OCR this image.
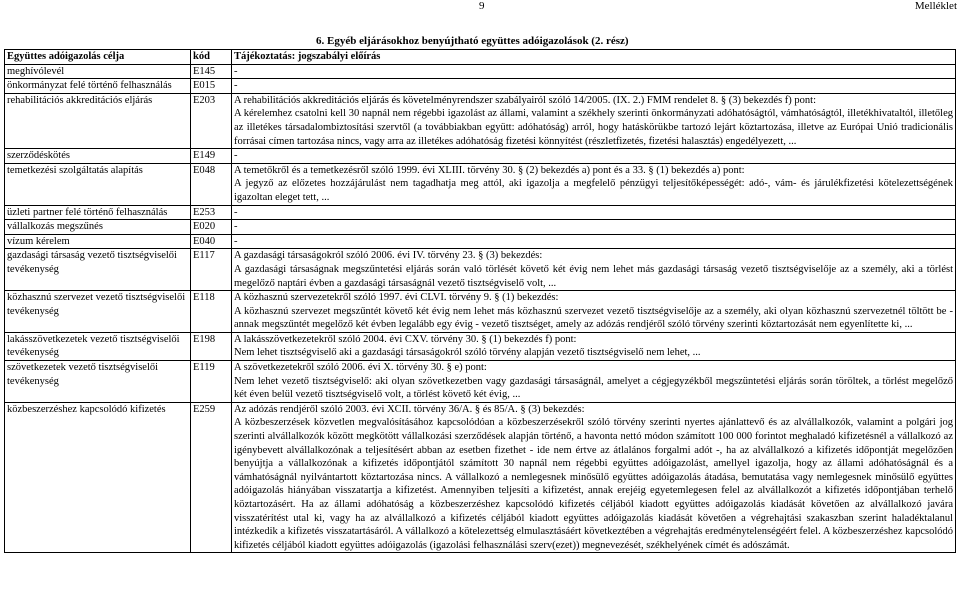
9	Melléklet
6. Egyéb eljárásokhoz benyújtható együttes adóigazolások (2. rész)
Együttes adóigazolás célja	kód	Tájékoztatás: jogszabályi előírás
meghívólevél	E145	-

önkormányzat felé történő felhasználás	E015	-

rehabilitációs akkreditációs eljárás	E203	A rehabilitációs akkreditációs eljárás és követelményrendszer szabályairól szóló 14/2005. (IX. 2.) FMM rendelet 8. § (3) bekezdés f) pont:
A kérelemhez csatolni kell 30 napnál nem régebbi igazolást az állami, valamint a székhely szerinti önkormányzati adóhatóságtól, vámhatóságtól, illetékhivataltól, illetőleg az illetékes társadalombiztosítási szervtől (a továbbiakban együtt: adóhatóság) arról, hogy hatáskörükbe tartozó lejárt köztartozása, illetve az Európai Unió tradicionális forrásai címen tartozása nincs, vagy arra az illetékes adóhatóság fizetési könnyítést (részletfizetés, fizetési halasztás) engedélyezett, ...

szerződéskötés	E149	-

temetkezési szolgáltatás alapítás	E048	A temetőkről és a temetkezésről szóló 1999. évi XLIII. törvény 30. § (2) bekezdés a) pont és a 33. § (1) bekezdés a) pont:
A jegyző az előzetes hozzájárulást nem tagadhatja meg attól, aki igazolja a megfelelő pénzügyi teljesítőképességét: adó-, vám- és járulékfizetési kötelezettségének igazoltan eleget tett, ...

üzleti partner felé történő felhasználás	E253	-

vállalkozás megszűnés	E020	-

vízum kérelem	E040	-

gazdasági társaság vezető tisztségviselői tevékenység	E117	A gazdasági társaságokról szóló 2006. évi IV. törvény 23. § (3) bekezdés:
A gazdasági társaságnak megszűntetési eljárás során való törlését követő két évig nem lehet más gazdasági társaság vezető tisztségviselője az a személy, aki a törlést megelőző naptári évben a gazdasági társaságnál vezető tisztségviselő volt, ...

közhasznú szervezet vezető tisztségviselői tevékenység	E118	A közhasznú szervezetekről szóló 1997. évi CLVI. törvény 9. § (1) bekezdés:
A közhasznú szervezet megszűntét követő két évig nem lehet más közhasznú szervezet vezető tisztségviselője az a személy, aki olyan közhasznú szervezetnél töltött be - annak megszűntét megelőző két évben legalább egy évig - vezető tisztséget, amely az adózás rendjéről szóló törvény szerinti köztartozását nem egyenlítette ki, ...

lakásszövetkezetek vezető tisztségviselői tevékenység	E198	A lakásszövetkezetekről szóló 2004. évi CXV. törvény 30. § (1) bekezdés f) pont:
Nem lehet tisztségviselő aki a gazdasági társaságokról szóló törvény alapján vezető tisztségviselő nem lehet, ...

szövetkezetek vezető tisztségviselői tevékenység	E119	A szövetkezetekről szóló 2006. évi X. törvény 30. § e) pont:
Nem lehet vezető tisztségviselő: aki olyan szövetkezetben vagy gazdasági társaságnál, amelyet a cégjegyzékből megszüntetési eljárás során töröltek, a törlést megelőző két éven belül vezető tisztségviselő volt, a törlést követő két évig, ...

közbeszerzéshez kapcsolódó kifizetés	E259	Az adózás rendjéről szóló 2003. évi XCII. törvény 36/A. § és 85/A. § (3) bekezdés:
A közbeszerzések közvetlen megvalósításához kapcsolódóan a közbeszerzésekről szóló törvény szerinti nyertes ajánlattevő és az alvállalkozók, valamint a polgári jog szerinti alvállalkozók között megkötött vállalkozási szerződések alapján történő, a havonta nettó módon számított 100 000 forintot meghaladó kifizetésnél a vállalkozó az igénybevett alvállalkozónak a teljesítésért abban az esetben fizethet - ide nem értve az átlalános forgalmi adót -, ha az alvállalkozó a kifizetés időpontját megelőzően benyújtja a vállalkozónak a kifizetés időpontjától számított 30 napnál nem régebbi együttes adóigazolást, amellyel igazolja, hogy az állami adóhatóságnál és a vámhatóságnál nyilvántartott köztartozása nincs. A vállalkozó a nemlegesnek minősülő együttes adóigazolás átadása, bemutatása vagy nemlegesnek minősülő együttes adóigazolás hiányában visszatartja a kifizetést. Amennyiben teljesíti a kifizetést, annak erejéig egyetemlegesen felel az alvállalkozót a kifizetés időpontjában terhelő köztartozásért. Ha az állami adóhatóság a közbeszerzéshez kapcsolódó kifizetés céljából kiadott együttes adóigazolás kiadását követően az alvállalkozó javára visszatérítést utal ki, vagy ha az alvállalkozó a kifizetés céljából kiadott együttes adóigazolás kiadását követően a végrehajtási szakaszban szerint haladéktalanul intézkedik a kifizetés visszatartásáról. A vállalkozó a kötelezettség elmulasztásáért következtében a végrehajtás eredménytelenségéért felel. A közbeszerzéshez kapcsolódó kifizetés céljából kiadott együttes adóigazolás (igazolási felhasználási szerv(ezet)) megnevezését, székhelyének címét és adószámát.
